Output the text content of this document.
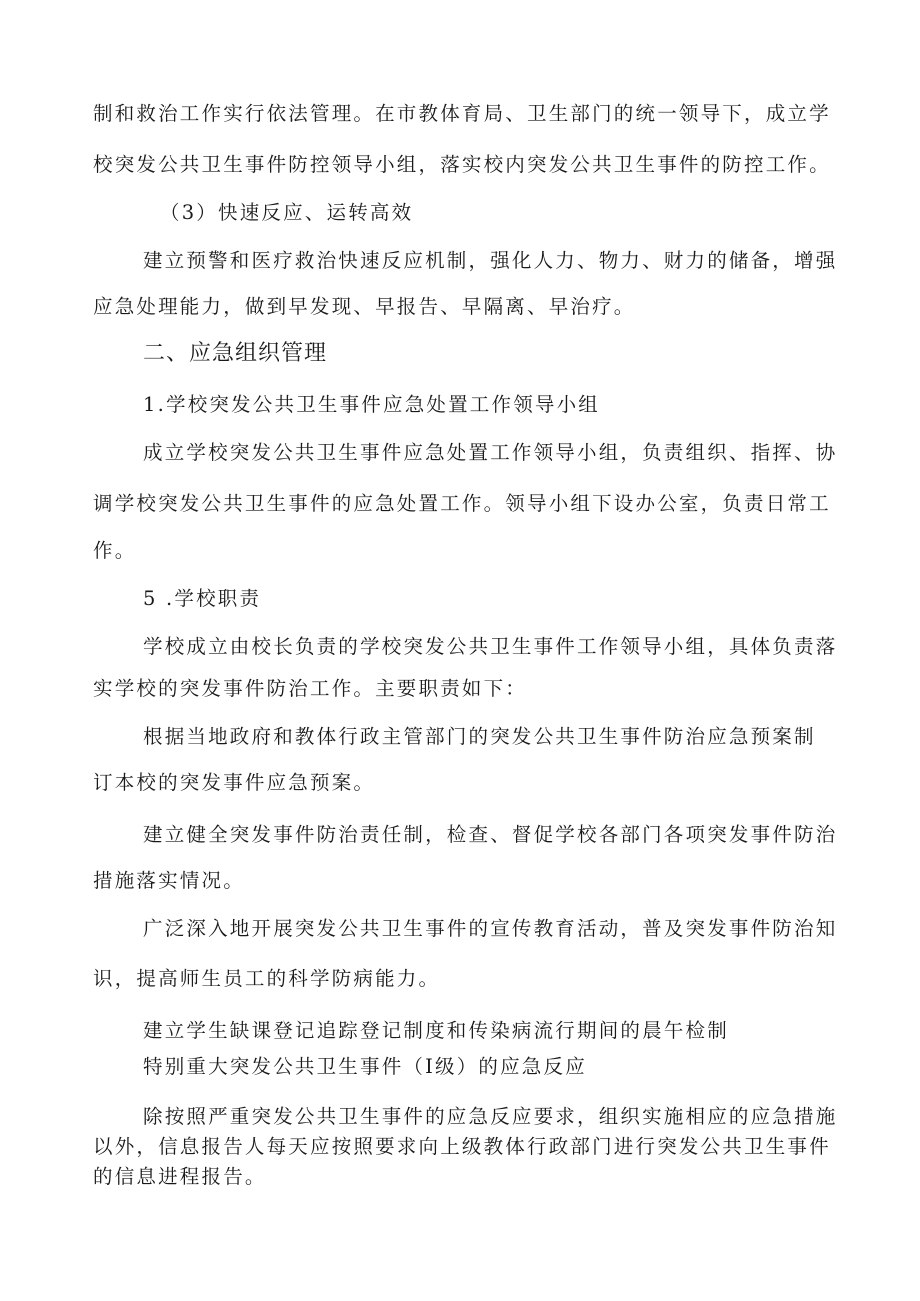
制和救治工作实行依法管理。在市教体育局、卫生部门的统一领导下，成立学
校突发公共卫生事件防控领导小组，落实校内突发公共卫生事件的防控工作。
（3）快速反应、运转高效
建立预警和医疗救治快速反应机制，强化人力、物力、财力的储备，增强
应急处理能力，做到早发现、早报告、早隔离、早治疗。
二、应急组织管理
1.学校突发公共卫生事件应急处置工作领导小组
成立学校突发公共卫生事件应急处置工作领导小组，负责组织、指挥、协
调学校突发公共卫生事件的应急处置工作。领导小组下设办公室，负责日常工
作。
5 .学校职责
学校成立由校长负责的学校突发公共卫生事件工作领导小组，具体负责落
实学校的突发事件防治工作。主要职责如下：
根据当地政府和教体行政主管部门的突发公共卫生事件防治应急预案制
订本校的突发事件应急预案。
建立健全突发事件防治责任制，检查、督促学校各部门各项突发事件防治
措施落实情况。
广泛深入地开展突发公共卫生事件的宣传教育活动，普及突发事件防治知
识，提高师生员工的科学防病能力。
建立学生缺课登记追踪登记制度和传染病流行期间的晨午检制
特别重大突发公共卫生事件（I级）的应急反应
除按照严重突发公共卫生事件的应急反应要求，组织实施相应的应急措施
以外，信息报告人每天应按照要求向上级教体行政部门进行突发公共卫生事件
的信息进程报告。
